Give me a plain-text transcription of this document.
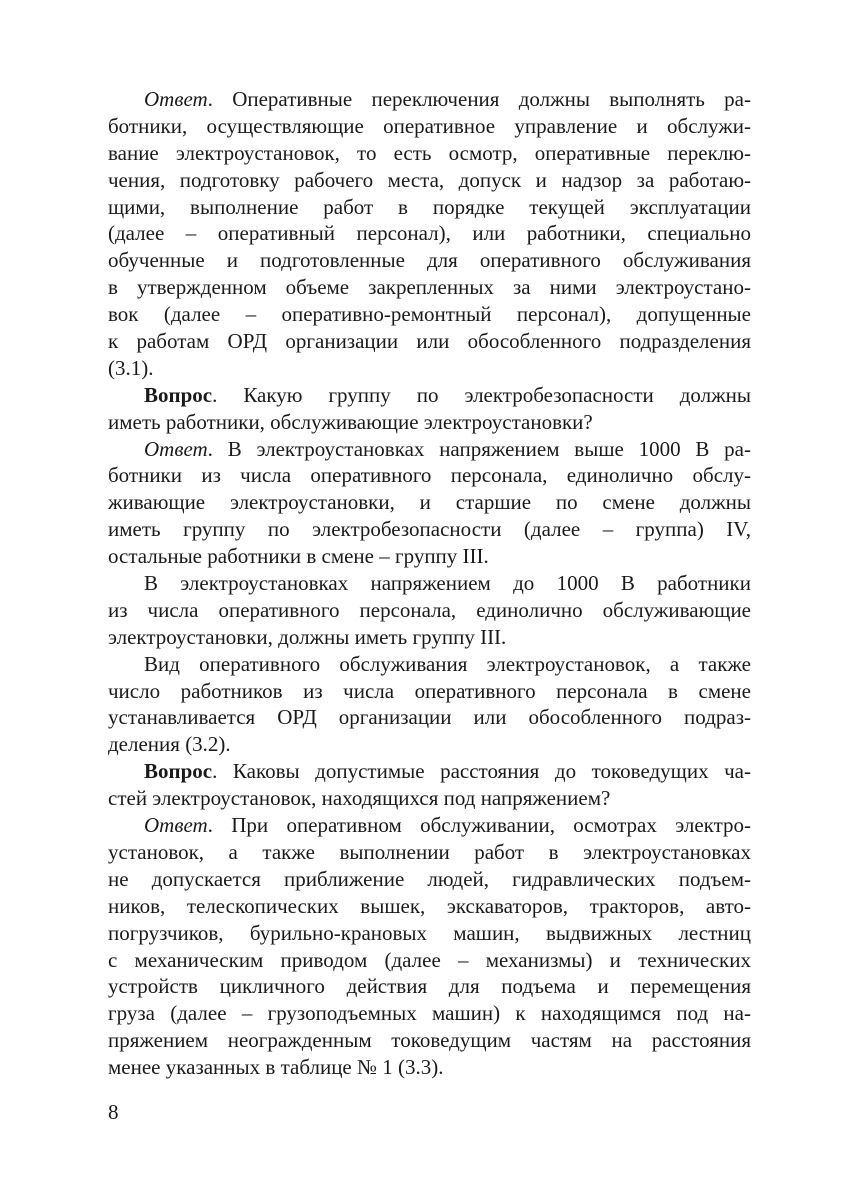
Ответ. Оперативные переключения должны выполнять ра-
ботники, осуществляющие оперативное управление и обслужи-
вание электроустановок, то есть осмотр, оперативные переклю-
чения, подготовку рабочего места, допуск и надзор за работаю-
щими, выполнение работ в порядке текущей эксплуатации
(далее – оперативный персонал), или работники, специально
обученные и подготовленные для оперативного обслуживания
в утвержденном объеме закрепленных за ними электроустано-
вок (далее – оперативно-ремонтный персонал), допущенные
к работам ОРД организации или обособленного подразделения
(3.1).
Вопрос. Какую группу по электробезопасности должны
иметь работники, обслуживающие электроустановки?
Ответ. В электроустановках напряжением выше 1000 В ра-
ботники из числа оперативного персонала, единолично обслу-
живающие электроустановки, и старшие по смене должны
иметь группу по электробезопасности (далее – группа) IV,
остальные работники в смене – группу III.
В электроустановках напряжением до 1000 В работники
из числа оперативного персонала, единолично обслуживающие
электроустановки, должны иметь группу III.
Вид оперативного обслуживания электроустановок, а также
число работников из числа оперативного персонала в смене
устанавливается ОРД организации или обособленного подраз-
деления (3.2).
Вопрос. Каковы допустимые расстояния до токоведущих ча-
стей электроустановок, находящихся под напряжением?
Ответ. При оперативном обслуживании, осмотрах электро-
установок, а также выполнении работ в электроустановках
не допускается приближение людей, гидравлических подъем-
ников, телескопических вышек, экскаваторов, тракторов, авто-
погрузчиков, бурильно-крановых машин, выдвижных лестниц
с механическим приводом (далее – механизмы) и технических
устройств цикличного действия для подъема и перемещения
груза (далее – грузоподъемных машин) к находящимся под на-
пряжением неогражденным токоведущим частям на расстояния
менее указанных в таблице № 1 (3.3).
8
